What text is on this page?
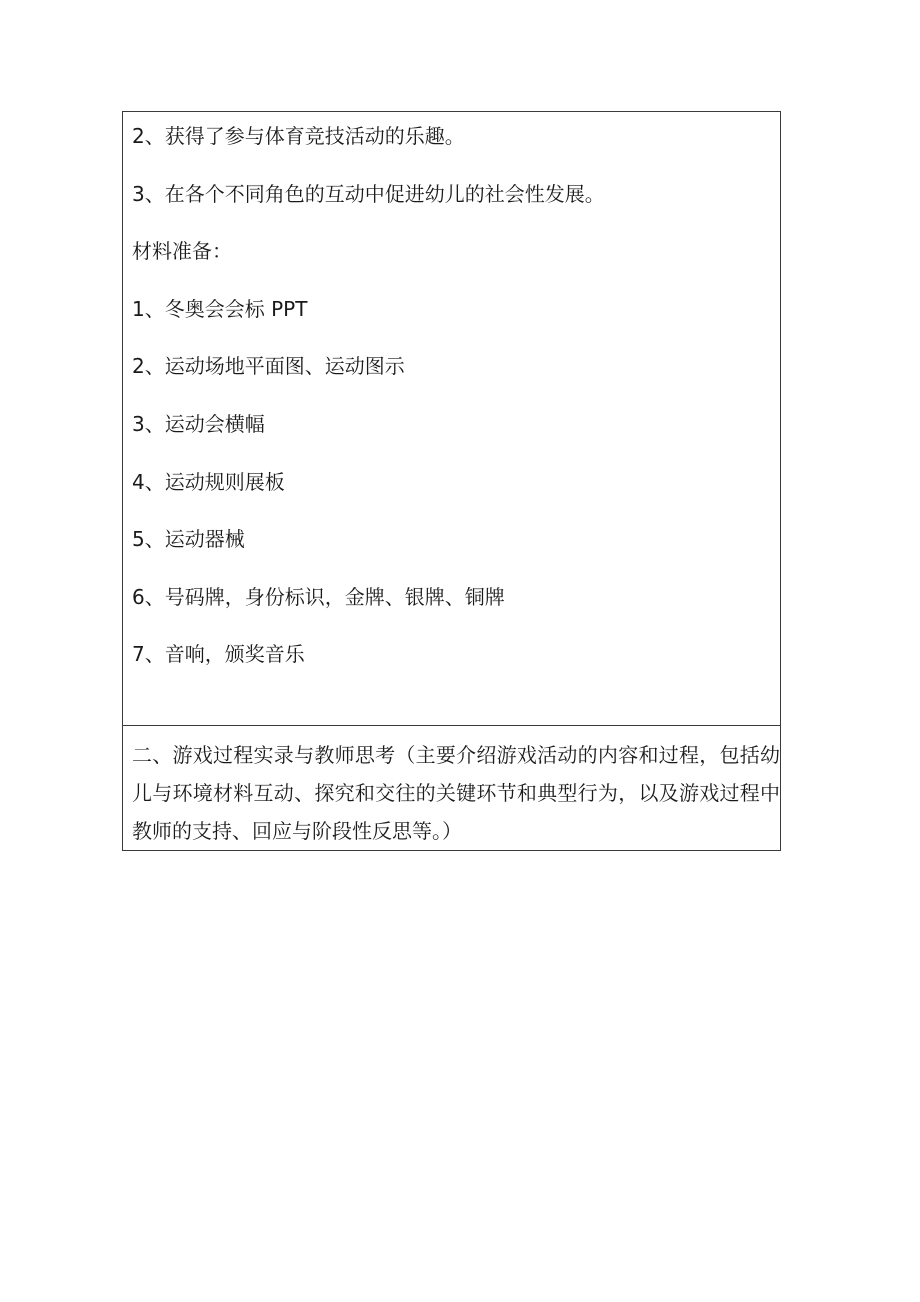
2、获得了参与体育竞技活动的乐趣。
3、在各个不同角色的互动中促进幼儿的社会性发展。
材料准备：
1、冬奥会会标 PPT
2、运动场地平面图、运动图示
3、运动会横幅
4、运动规则展板
5、运动器械
6、号码牌，身份标识，金牌、银牌、铜牌
7、音响，颁奖音乐
二、游戏过程实录与教师思考（主要介绍游戏活动的内容和过程，包括幼儿与环境材料互动、探究和交往的关键环节和典型行为，以及游戏过程中教师的支持、回应与阶段性反思等。）
